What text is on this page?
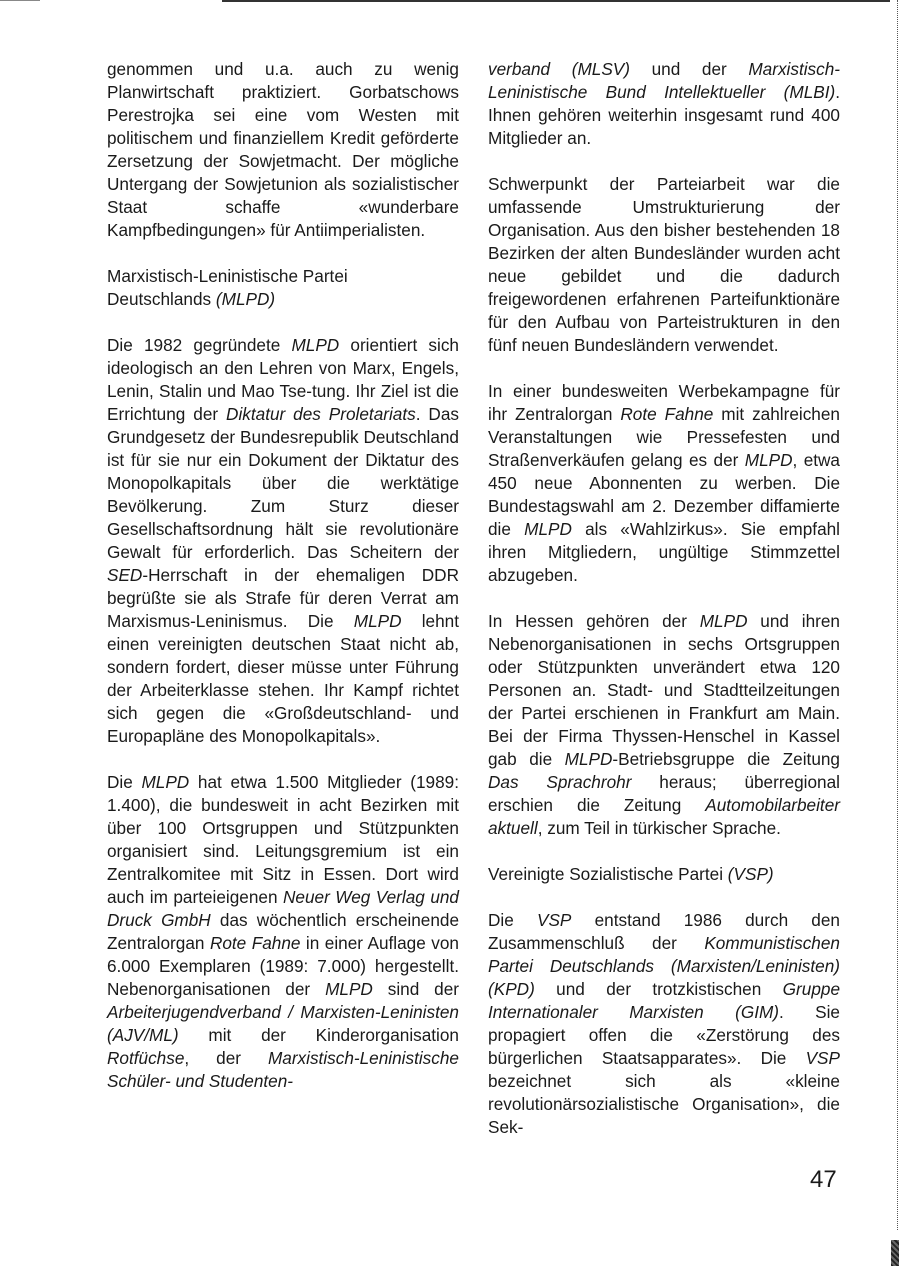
genommen und u.a. auch zu wenig Planwirtschaft praktiziert. Gorbatschows Perestrojka sei eine vom Westen mit politischem und finanziellem Kredit geförderte Zersetzung der Sowjetmacht. Der mögliche Untergang der Sowjetunion als sozialistischer Staat schaffe «wunderbare Kampfbedingungen» für Antiimperialisten.

Marxistisch-Leninistische Partei
Deutschlands (MLPD)

Die 1982 gegründete MLPD orientiert sich ideologisch an den Lehren von Marx, Engels, Lenin, Stalin und Mao Tse-tung. Ihr Ziel ist die Errichtung der Diktatur des Proletariats. Das Grundgesetz der Bundesrepublik Deutschland ist für sie nur ein Dokument der Diktatur des Monopolkapitals über die werktätige Bevölkerung. Zum Sturz dieser Gesellschaftsordnung hält sie revolutionäre Gewalt für erforderlich. Das Scheitern der SED-Herrschaft in der ehemaligen DDR begrüßte sie als Strafe für deren Verrat am Marxismus-Leninismus. Die MLPD lehnt einen vereinigten deutschen Staat nicht ab, sondern fordert, dieser müsse unter Führung der Arbeiterklasse stehen. Ihr Kampf richtet sich gegen die «Großdeutschland- und Europapläne des Monopolkapitals».

Die MLPD hat etwa 1.500 Mitglieder (1989: 1.400), die bundesweit in acht Bezirken mit über 100 Ortsgruppen und Stützpunkten organisiert sind. Leitungsgremium ist ein Zentralkomitee mit Sitz in Essen. Dort wird auch im parteieigenen Neuer Weg Verlag und Druck GmbH das wöchentlich erscheinende Zentralorgan Rote Fahne in einer Auflage von 6.000 Exemplaren (1989: 7.000) hergestellt. Nebenorganisationen der MLPD sind der Arbeiterjugendverband / Marxisten-Leninisten (AJV/ML) mit der Kinderorganisation Rotfüchse, der Marxistisch-Leninistische Schüler- und Studenten-

verband (MLSV) und der Marxistisch-Leninistische Bund Intellektueller (MLBI). Ihnen gehören weiterhin insgesamt rund 400 Mitglieder an.

Schwerpunkt der Parteiarbeit war die umfassende Umstrukturierung der Organisation. Aus den bisher bestehenden 18 Bezirken der alten Bundesländer wurden acht neue gebildet und die dadurch freigewordenen erfahrenen Parteifunktionäre für den Aufbau von Parteistrukturen in den fünf neuen Bundesländern verwendet.

In einer bundesweiten Werbekampagne für ihr Zentralorgan Rote Fahne mit zahlreichen Veranstaltungen wie Pressefesten und Straßenverkäufen gelang es der MLPD, etwa 450 neue Abonnenten zu werben. Die Bundestagswahl am 2. Dezember diffamierte die MLPD als «Wahlzirkus». Sie empfahl ihren Mitgliedern, ungültige Stimmzettel abzugeben.

In Hessen gehören der MLPD und ihren Nebenorganisationen in sechs Ortsgruppen oder Stützpunkten unverändert etwa 120 Personen an. Stadt- und Stadtteilzeitungen der Partei erschienen in Frankfurt am Main. Bei der Firma Thyssen-Henschel in Kassel gab die MLPD-Betriebsgruppe die Zeitung Das Sprachrohr heraus; überregional erschien die Zeitung Automobilarbeiter aktuell, zum Teil in türkischer Sprache.

Vereinigte Sozialistische Partei (VSP)

Die VSP entstand 1986 durch den Zusammenschluß der Kommunistischen Partei Deutschlands (Marxisten/Leninisten) (KPD) und der trotzkistischen Gruppe Internationaler Marxisten (GIM). Sie propagiert offen die «Zerstörung des bürgerlichen Staatsapparates». Die VSP bezeichnet sich als «kleine revolutionärsozialistische Organisation», die Sek-

47
